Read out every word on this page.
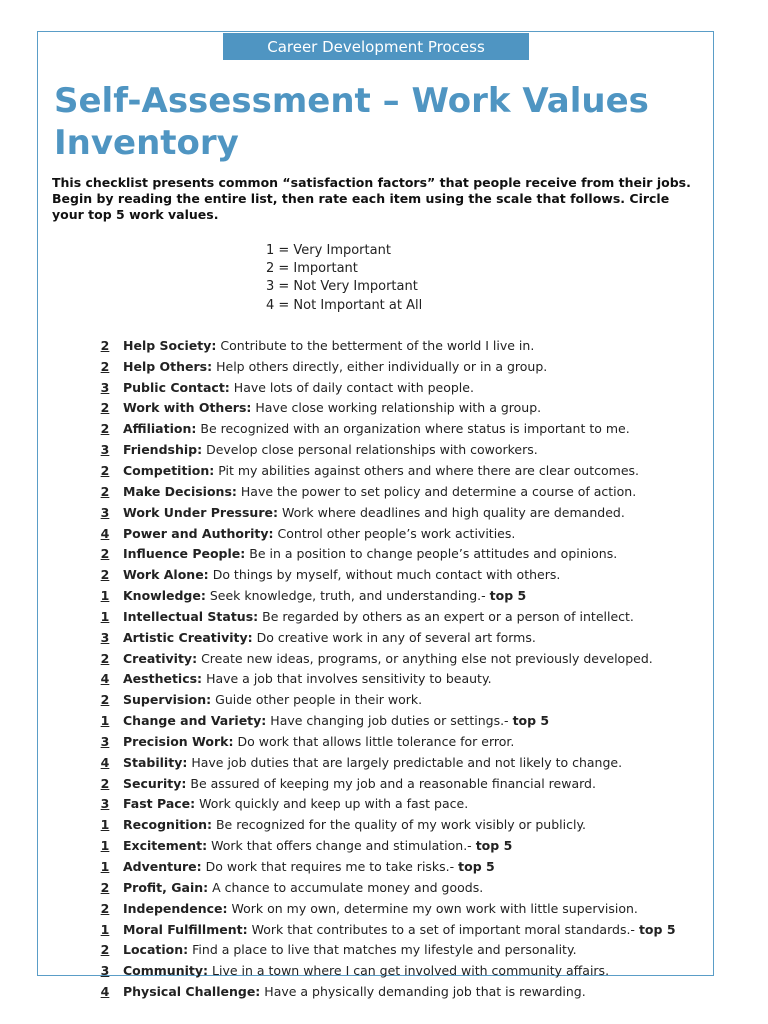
Career Development Process
Self-Assessment – Work Values Inventory

This checklist presents common “satisfaction factors” that people receive from their jobs. Begin by reading the entire list, then rate each item using the scale that follows. Circle your top 5 work values.

1 = Very Important
2 = Important
3 = Not Very Important
4 = Not Important at All
2 Help Society: Contribute to the betterment of the world I live in.
2 Help Others: Help others directly, either individually or in a group.
3 Public Contact: Have lots of daily contact with people.
2 Work with Others: Have close working relationship with a group.
2 Affiliation: Be recognized with an organization where status is important to me.
3 Friendship: Develop close personal relationships with coworkers.
2 Competition: Pit my abilities against others and where there are clear outcomes.
2 Make Decisions: Have the power to set policy and determine a course of action.
3 Work Under Pressure: Work where deadlines and high quality are demanded.
4 Power and Authority: Control other people’s work activities.
2 Influence People: Be in a position to change people’s attitudes and opinions.
2 Work Alone: Do things by myself, without much contact with others.
1 Knowledge: Seek knowledge, truth, and understanding.- top 5
1 Intellectual Status: Be regarded by others as an expert or a person of intellect.
3 Artistic Creativity: Do creative work in any of several art forms.
2 Creativity: Create new ideas, programs, or anything else not previously developed.
4 Aesthetics: Have a job that involves sensitivity to beauty.
2 Supervision: Guide other people in their work.
1 Change and Variety: Have changing job duties or settings.- top 5
3 Precision Work: Do work that allows little tolerance for error.
4 Stability: Have job duties that are largely predictable and not likely to change.
2 Security: Be assured of keeping my job and a reasonable financial reward.
3 Fast Pace: Work quickly and keep up with a fast pace.
1 Recognition: Be recognized for the quality of my work visibly or publicly.
1 Excitement: Work that offers change and stimulation.- top 5
1 Adventure: Do work that requires me to take risks.- top 5
2 Profit, Gain: A chance to accumulate money and goods.
2 Independence: Work on my own, determine my own work with little supervision.
1 Moral Fulfillment: Work that contributes to a set of important moral standards.- top 5
2 Location: Find a place to live that matches my lifestyle and personality.
3 Community: Live in a town where I can get involved with community affairs.
4 Physical Challenge: Have a physically demanding job that is rewarding.
